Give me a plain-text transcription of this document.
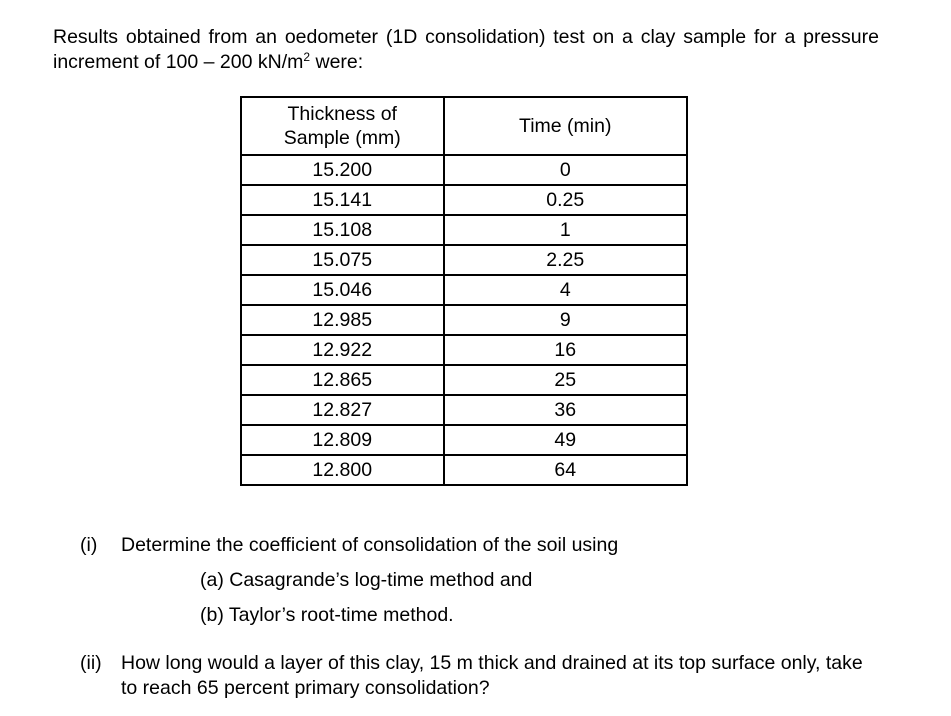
Results obtained from an oedometer (1D consolidation) test on a clay sample for a pressure increment of 100 – 200 $kN/m^2$ were:

Thickness of Sample (mm)	Time (min)
15.200	0
15.141	0.25
15.108	1
15.075	2.25
15.046	4
12.985	9
12.922	16
12.865	25
12.827	36
12.809	49
12.800	64
(i) Determine the coefficient of consolidation of the soil using

(a) Casagrande’s log-time method and

(b) Taylor’s root-time method.

(ii) How long would a layer of this clay, 15 m thick and drained at its top surface only, take to reach 65 percent primary consolidation?
